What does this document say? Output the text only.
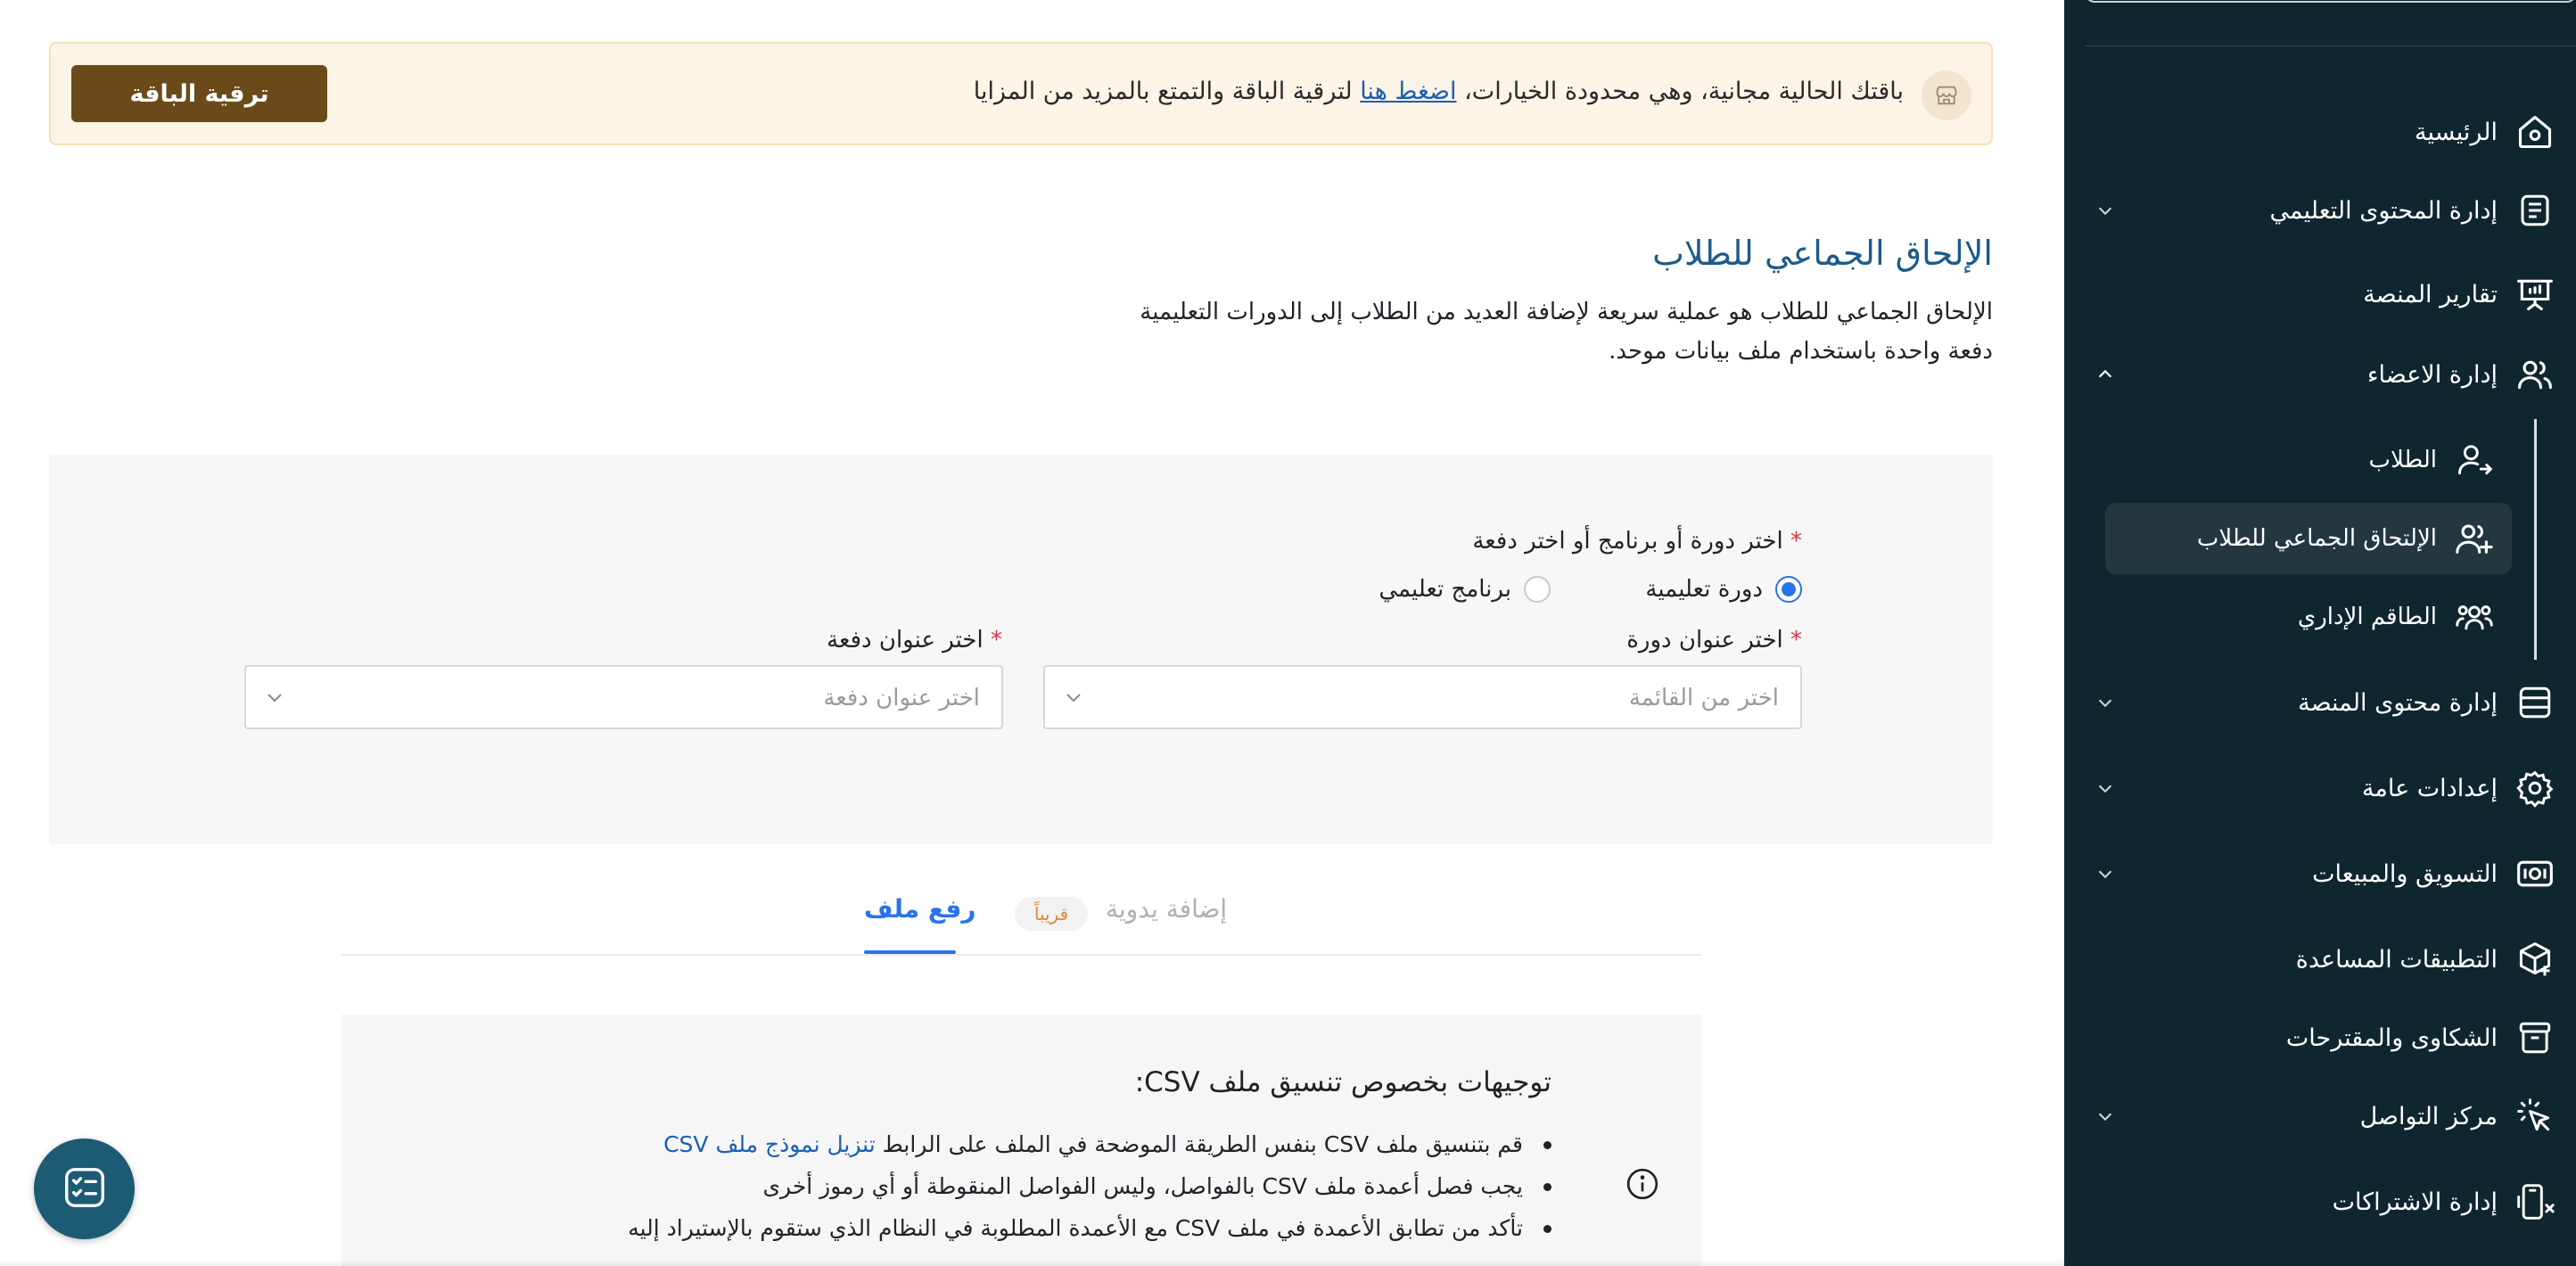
الرئيسية
إدارة المحتوى التعليمي
تقارير المنصة
إدارة الاعضاء
الطلاب
الإلتحاق الجماعي للطلاب
الطاقم الإداري
إدارة محتوى المنصة
إعدادات عامة
التسويق والمبيعات
التطبيقات المساعدة
الشكاوى والمقترحات
مركز التواصل
إدارة الاشتراكات
باقتك الحالية مجانية، وهي محدودة الخيارات، اضغط هنا لترقية الباقة والتمتع بالمزيد من المزايا
ترقية الباقة
الإلحاق الجماعي للطلاب

الإلحاق الجماعي للطلاب هو عملية سريعة لإضافة العديد من الطلاب إلى الدورات التعليمية دفعة واحدة باستخدام ملف بيانات موحد.

* اختر دورة أو برنامج أو اختر دفعة
دورة تعليمية
برنامج تعليمي
* اختر عنوان دورة
* اختر عنوان دفعة
اختر من القائمة
اختر عنوان دفعة
إضافة يدوية
قريباً
رفع ملف
توجيهات بخصوص تنسيق ملف CSV:
قم بتنسيق ملف CSV بنفس الطريقة الموضحة في الملف على الرابط تنزيل نموذج ملف CSV
يجب فصل أعمدة ملف CSV بالفواصل، وليس الفواصل المنقوطة أو أي رموز أخرى
تأكد من تطابق الأعمدة في ملف CSV مع الأعمدة المطلوبة في النظام الذي ستقوم بالإستيراد إليه
